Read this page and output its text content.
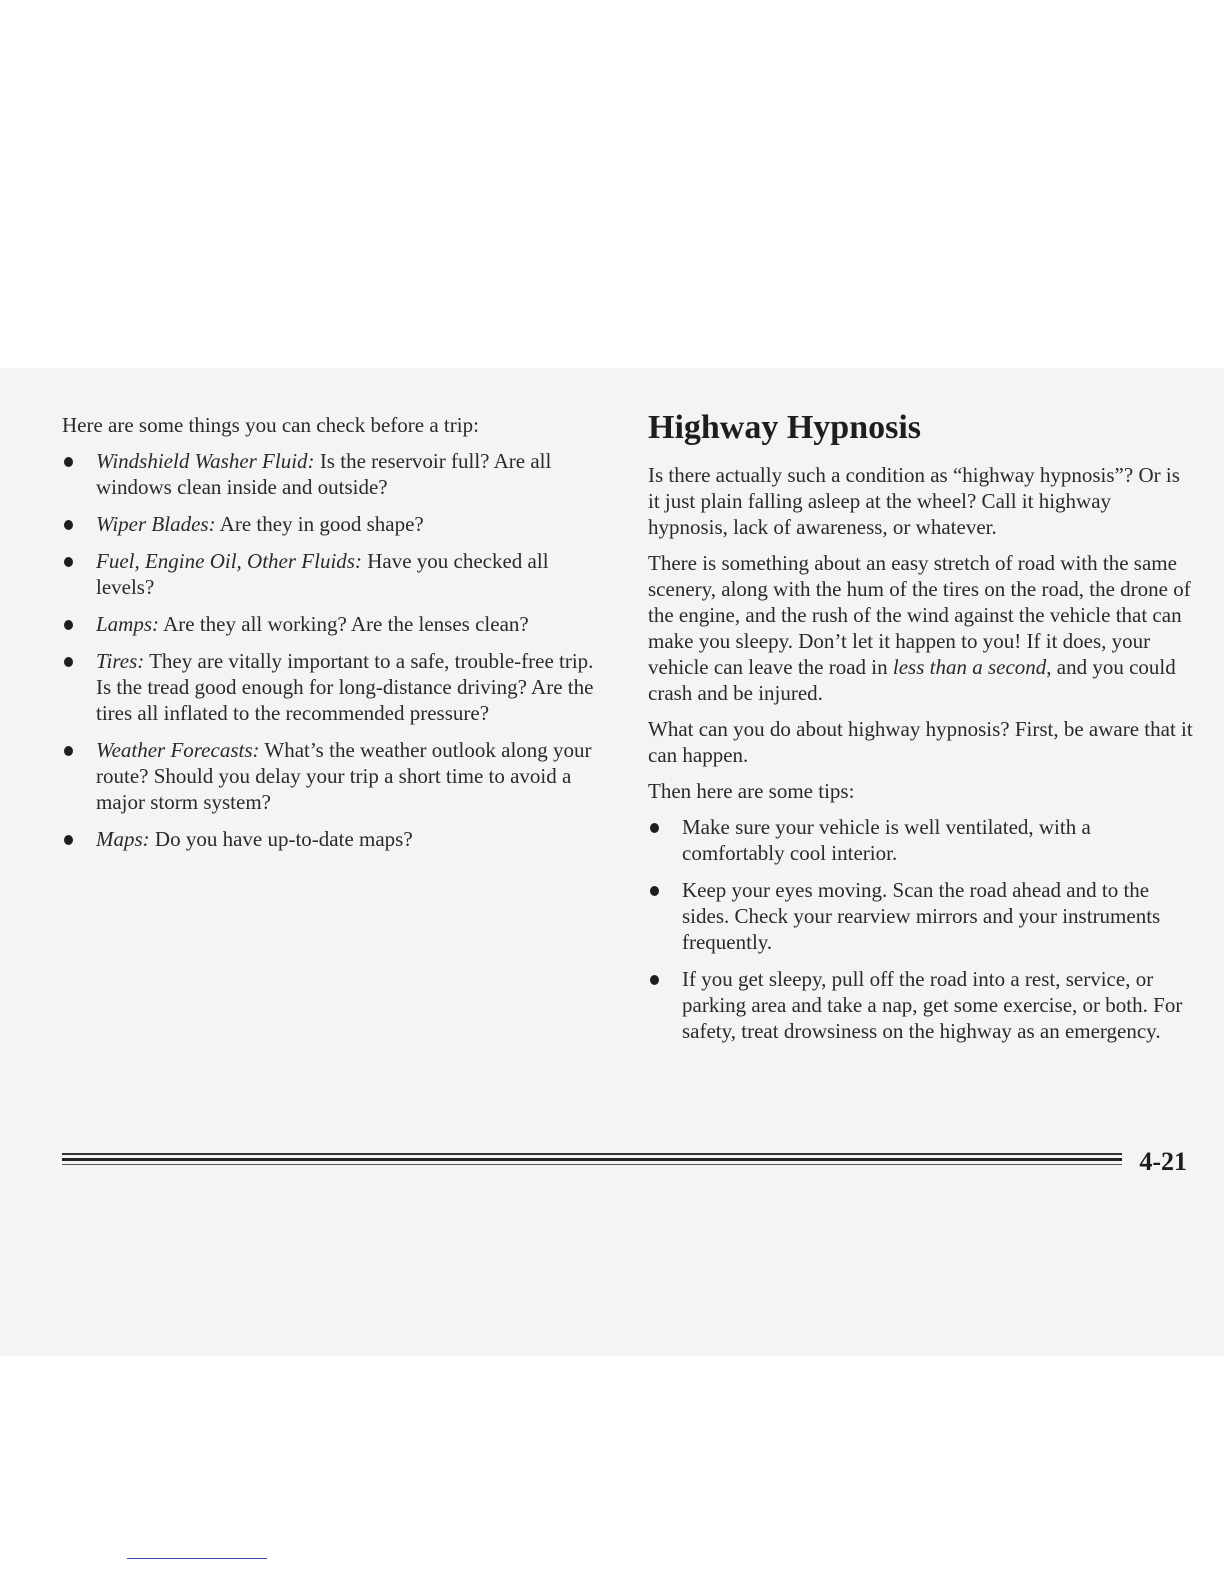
Here are some things you can check before a trip:

Windshield Washer Fluid: Is the reservoir full? Are all windows clean inside and outside?
Wiper Blades: Are they in good shape?
Fuel, Engine Oil, Other Fluids: Have you checked all levels?
Lamps: Are they all working? Are the lenses clean?
Tires: They are vitally important to a safe, trouble-free trip. Is the tread good enough for long-distance driving? Are the tires all inflated to the recommended pressure?
Weather Forecasts: What’s the weather outlook along your route? Should you delay your trip a short time to avoid a major storm system?
Maps: Do you have up-to-date maps?
Highway Hypnosis

Is there actually such a condition as “highway hypnosis”? Or is it just plain falling asleep at the wheel? Call it highway hypnosis, lack of awareness, or whatever.

There is something about an easy stretch of road with the same scenery, along with the hum of the tires on the road, the drone of the engine, and the rush of the wind against the vehicle that can make you sleepy. Don’t let it happen to you! If it does, your vehicle can leave the road in less than a second, and you could crash and be injured.

What can you do about highway hypnosis? First, be aware that it can happen.

Then here are some tips:

Make sure your vehicle is well ventilated, with a comfortably cool interior.
Keep your eyes moving. Scan the road ahead and to the sides. Check your rearview mirrors and your instruments frequently.
If you get sleepy, pull off the road into a rest, service, or parking area and take a nap, get some exercise, or both. For safety, treat drowsiness on the highway as an emergency.
4-21
